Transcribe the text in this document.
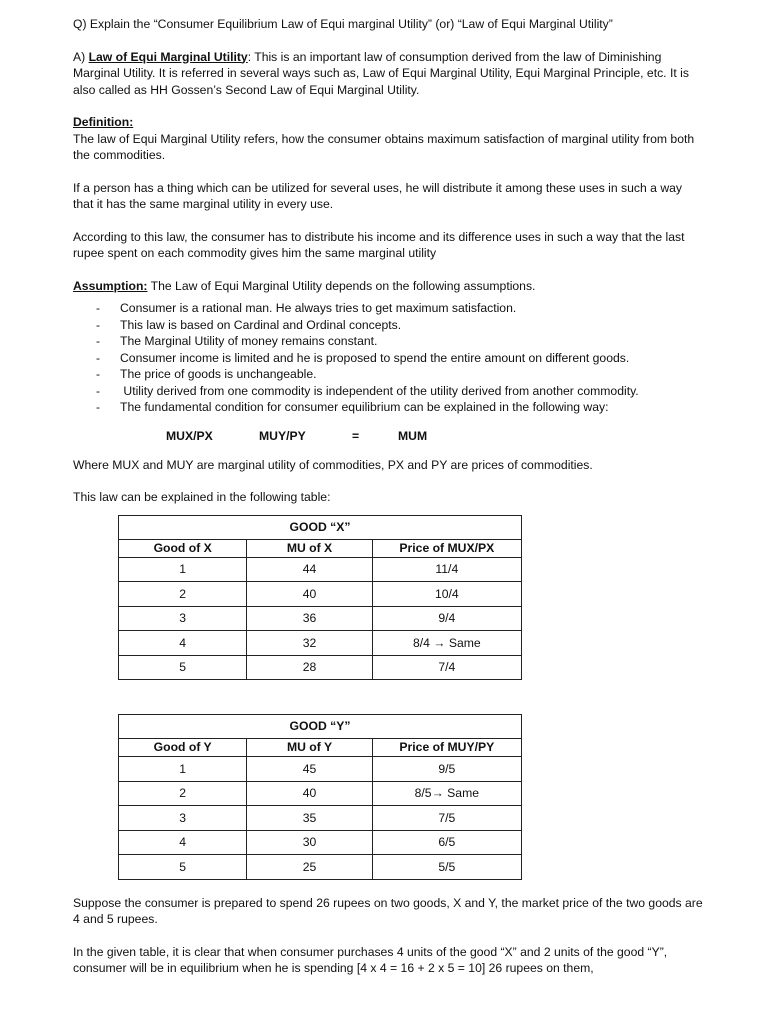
Q) Explain the “Consumer Equilibrium Law of Equi marginal Utility” (or) “Law of Equi Marginal Utility”

A) Law of Equi Marginal Utility: This is an important law of consumption derived from the law of Diminishing Marginal Utility. It is referred in several ways such as, Law of Equi Marginal Utility, Equi Marginal Principle, etc. It is also called as HH Gossen’s Second Law of Equi Marginal Utility.

Definition:
The law of Equi Marginal Utility refers, how the consumer obtains maximum satisfaction of marginal utility from both the commodities.

If a person has a thing which can be utilized for several uses, he will distribute it among these uses in such a way that it has the same marginal utility in every use.

According to this law, the consumer has to distribute his income and its difference uses in such a way that the last rupee spent on each commodity gives him the same marginal utility

Assumption: The Law of Equi Marginal Utility depends on the following assumptions.

- Consumer is a rational man. He always tries to get maximum satisfaction.
- This law is based on Cardinal and Ordinal concepts.
- The Marginal Utility of money remains constant.
- Consumer income is limited and he is proposed to spend the entire amount on different goods.
- The price of goods is unchangeable.
- Utility derived from one commodity is independent of the utility derived from another commodity.
- The fundamental condition for consumer equilibrium can be explained in the following way:
MUX/PX	MUY/PY	=	MUM

Where MUX and MUY are marginal utility of commodities, PX and PY are prices of commodities.

This law can be explained in the following table:

GOOD “X”		
Good of X	MU of X	Price of MUX/PX
1	44	11/4
2	40	10/4
3	36	9/4
4	32	8/4 → Same
5	28	7/4
GOOD “Y”		
Good of Y	MU of Y	Price of MUY/PY
1	45	9/5
2	40	8/5→ Same
3	35	7/5
4	30	6/5
5	25	5/5

Suppose the consumer is prepared to spend 26 rupees on two goods, X and Y, the market price of the two goods are 4 and 5 rupees.

In the given table, it is clear that when consumer purchases 4 units of the good “X” and 2 units of the good “Y”, consumer will be in equilibrium when he is spending [4 x 4 = 16 + 2 x 5 = 10] 26 rupees on them,
